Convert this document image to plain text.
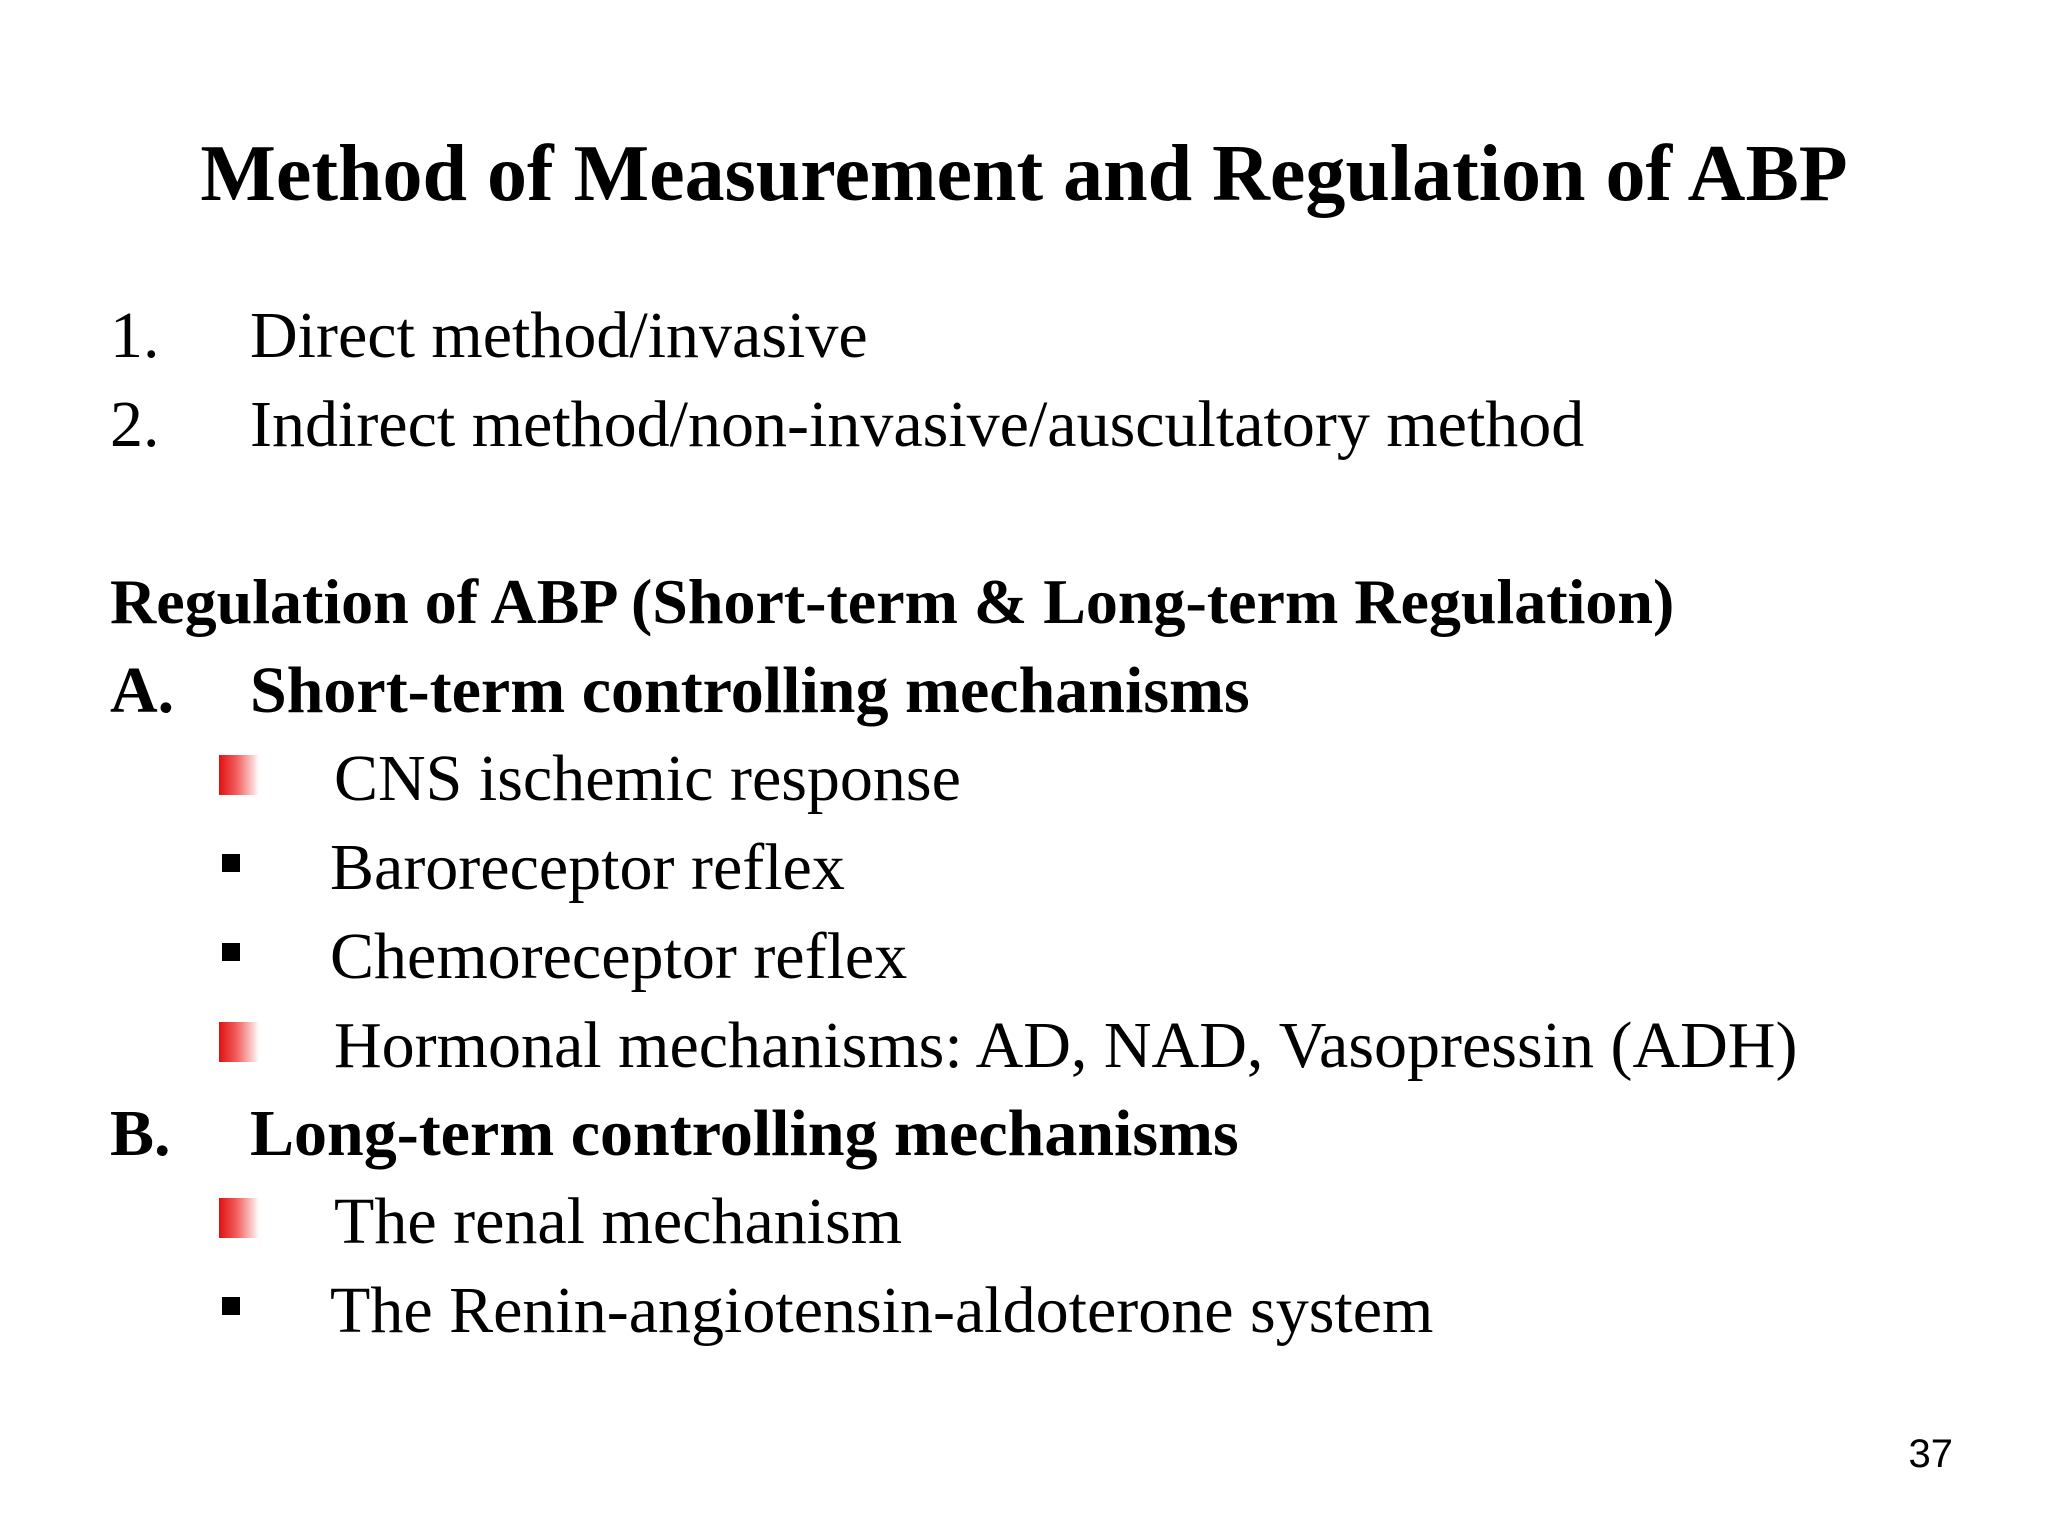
Method of Measurement and Regulation of ABP
1. Direct method/invasive
2. Indirect method/non-invasive/auscultatory method
Regulation of ABP (Short-term & Long-term Regulation)
A. Short-term controlling mechanisms
CNS ischemic response
Baroreceptor reflex
Chemoreceptor reflex
Hormonal mechanisms: AD, NAD, Vasopressin (ADH)
B. Long-term controlling mechanisms
The renal mechanism
The Renin-angiotensin-aldoterone system
37
